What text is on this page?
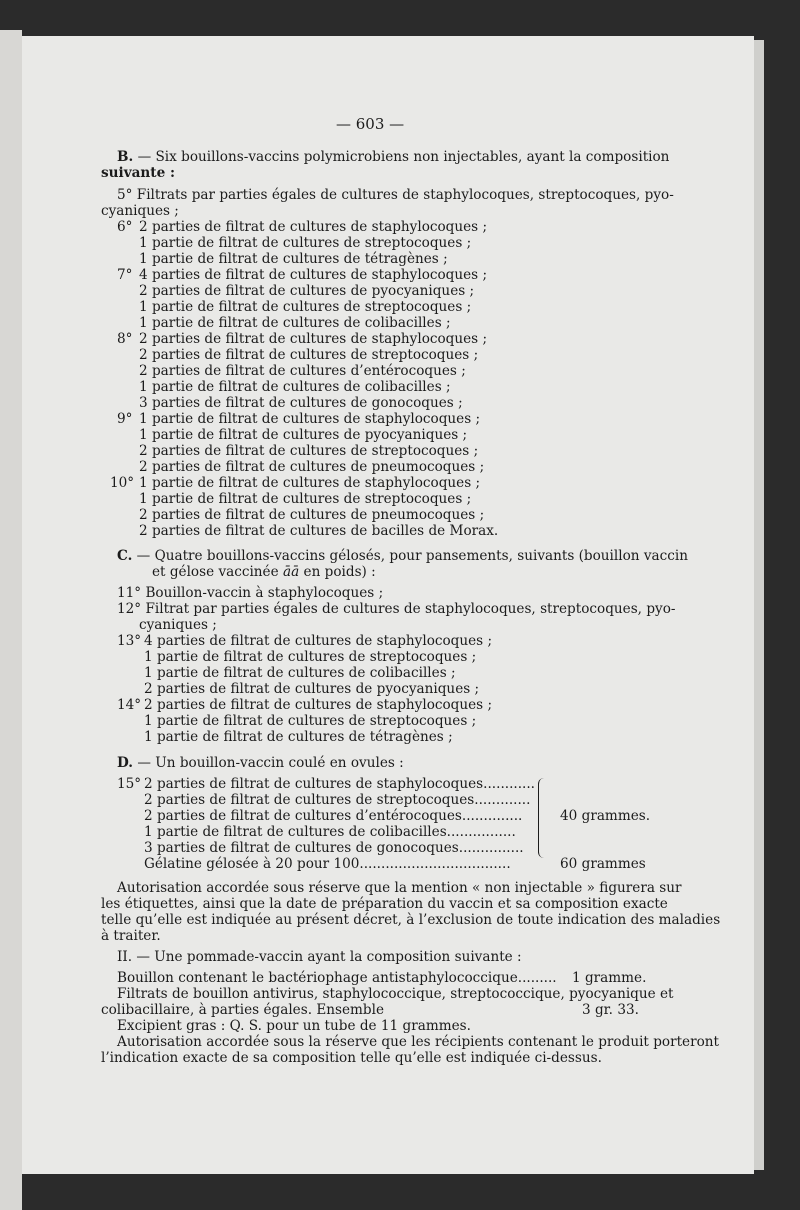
— 603 —
B. — Six bouillons-vaccins polymicrobiens non injectables, ayant la composition
suivante :
5° Filtrats par parties égales de cultures de staphylocoques, streptocoques, pyo-
cyaniques ;
6° 2 parties de filtrat de cultures de staphylocoques ;
1 partie de filtrat de cultures de streptocoques ;
1 partie de filtrat de cultures de tétragènes ;
7° 4 parties de filtrat de cultures de staphylocoques ;
2 parties de filtrat de cultures de pyocyaniques ;
1 partie de filtrat de cultures de streptocoques ;
1 partie de filtrat de cultures de colibacilles ;
8° 2 parties de filtrat de cultures de staphylocoques ;
2 parties de filtrat de cultures de streptocoques ;
2 parties de filtrat de cultures d’entérocoques ;
1 partie de filtrat de cultures de colibacilles ;
3 parties de filtrat de cultures de gonocoques ;
9° 1 partie de filtrat de cultures de staphylocoques ;
1 partie de filtrat de cultures de pyocyaniques ;
2 parties de filtrat de cultures de streptocoques ;
2 parties de filtrat de cultures de pneumocoques ;
10° 1 partie de filtrat de cultures de staphylocoques ;
1 partie de filtrat de cultures de streptocoques ;
2 parties de filtrat de cultures de pneumocoques ;
2 parties de filtrat de cultures de bacilles de Morax.
C. — Quatre bouillons-vaccins gélosés, pour pansements, suivants (bouillon vaccin
et gélose vaccinée āā en poids) :
11° Bouillon-vaccin à staphylocoques ;
12° Filtrat par parties égales de cultures de staphylocoques, streptocoques, pyo-
cyaniques ;
13° 4 parties de filtrat de cultures de staphylocoques ;
1 partie de filtrat de cultures de streptocoques ;
1 partie de filtrat de cultures de colibacilles ;
2 parties de filtrat de cultures de pyocyaniques ;
14° 2 parties de filtrat de cultures de staphylocoques ;
1 partie de filtrat de cultures de streptocoques ;
1 partie de filtrat de cultures de tétragènes ;
D. — Un bouillon-vaccin coulé en ovules :
15° 2 parties de filtrat de cultures de staphylocoques............
2 parties de filtrat de cultures de streptocoques.............
2 parties de filtrat de cultures d’entérocoques..............
1 partie de filtrat de cultures de colibacilles................
3 parties de filtrat de cultures de gonocoques...............
Gélatine gélosée à 20 pour 100...................................
40 grammes.
60 grammes
Autorisation accordée sous réserve que la mention « non injectable » figurera sur
les étiquettes, ainsi que la date de préparation du vaccin et sa composition exacte
telle qu’elle est indiquée au présent décret, à l’exclusion de toute indication des maladies
à traiter.
II. — Une pommade-vaccin ayant la composition suivante :
Bouillon contenant le bactériophage antistaphylococcique......... 1 gramme.
Filtrats de bouillon antivirus, staphylococcique, streptococcique, pyocyanique et
colibacillaire, à parties égales. Ensemble	3 gr. 33.
Excipient gras : Q. S. pour un tube de 11 grammes.
Autorisation accordée sous la réserve que les récipients contenant le produit porteront
l’indication exacte de sa composition telle qu’elle est indiquée ci-dessus.
